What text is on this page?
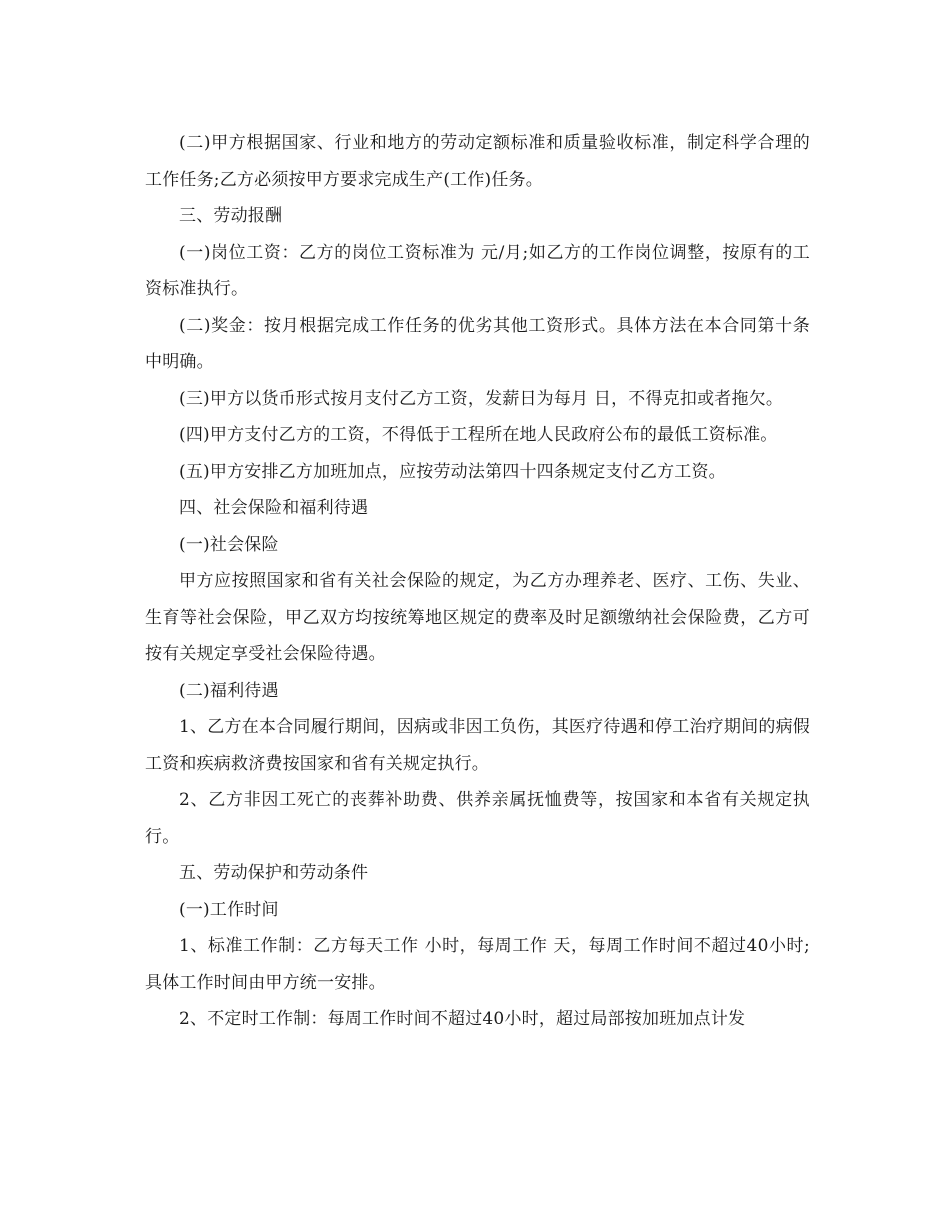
(二)甲方根据国家、行业和地方的劳动定额标准和质量验收标准，制定科学合理的工作任务;乙方必须按甲方要求完成生产(工作)任务。

三、劳动报酬

(一)岗位工资：乙方的岗位工资标准为 元/月;如乙方的工作岗位调整，按原有的工资标准执行。

(二)奖金：按月根据完成工作任务的优劣其他工资形式。具体方法在本合同第十条中明确。

(三)甲方以货币形式按月支付乙方工资，发薪日为每月 日，不得克扣或者拖欠。

(四)甲方支付乙方的工资，不得低于工程所在地人民政府公布的最低工资标准。

(五)甲方安排乙方加班加点，应按劳动法第四十四条规定支付乙方工资。

四、社会保险和福利待遇

(一)社会保险

甲方应按照国家和省有关社会保险的规定，为乙方办理养老、医疗、工伤、失业、生育等社会保险，甲乙双方均按统筹地区规定的费率及时足额缴纳社会保险费，乙方可按有关规定享受社会保险待遇。

(二)福利待遇

1、乙方在本合同履行期间，因病或非因工负伤，其医疗待遇和停工治疗期间的病假工资和疾病救济费按国家和省有关规定执行。

2、乙方非因工死亡的丧葬补助费、供养亲属抚恤费等，按国家和本省有关规定执行。

五、劳动保护和劳动条件

(一)工作时间

1、标准工作制：乙方每天工作 小时，每周工作 天，每周工作时间不超过40小时;具体工作时间由甲方统一安排。

2、不定时工作制：每周工作时间不超过40小时，超过局部按加班加点计发
